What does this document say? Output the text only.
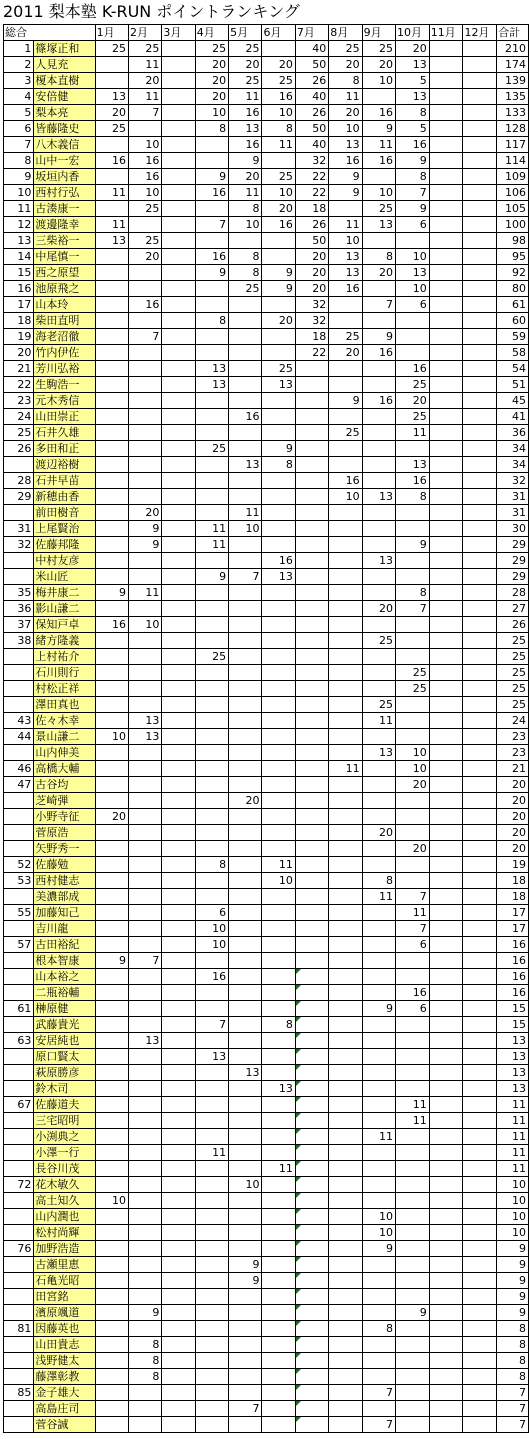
2011 梨本塾 K-RUN ポイントランキング
総合		1月	2月	3月	4月	5月	6月	7月	8月	9月	10月	11月	12月	合計
1	篠塚正和	25	25		25	25		40	25	25	20			210
2	人見充		11		20	20	20	50	20	20	13			174
3	榎本直樹		20		20	25	25	26	8	10	5			139
4	安倍健	13	11		20	11	16	40	11		13			135
5	梨本亮	20	7		10	16	10	26	20	16	8			133
6	皆藤隆史	25			8	13	8	50	10	9	5			128
7	八木義信		10			16	11	40	13	11	16			117
8	山中一宏	16	16			9		32	16	16	9			114
9	坂垣内香		16		9	20	25	22	9		8			109
10	西村行弘	11	10		16	11	10	22	9	10	7			106
11	古湊康一		25			8	20	18		25	9			105
12	渡邊隆幸	11			7	10	16	26	11	13	6			100
13	三柴裕一	13	25					50	10					98
14	中尾慎一		20		16	8		20	13	8	10			95
15	西之原望				9	8	9	20	13	20	13			92
16	池原飛之					25	9	20	16		10			80
17	山本玲		16					32		7	6			61
18	柴田直明				8		20	32						60
19	海老沼徹		7					18	25	9				59
20	竹内伊佐							22	20	16				58
21	芳川弘裕				13		25				16			54
22	生駒浩一				13		13				25			51
23	元木秀信								9	16	20			45
24	山田崇正					16					25			41
25	石井久雄								25		11			36
26	多田和正				25		9							34
	渡辺裕樹					13	8				13			34
28	石井早苗								16		16			32
29	新穂由香								10	13	8			31
	前田樹音		20			11								31
31	上尾賢治		9		11	10								30
32	佐藤邦隆		9		11						9			29
	中村友彦						16			13				29
	米山匠				9	7	13							29
35	梅井康二	9	11								8			28
36	影山謙二									20	7			27
37	保知戸卓	16	10											26
38	緒方隆義									25				25
	上村祐介				25									25
	石川則行										25			25
	村松正祥										25			25
	澤田真也									25				25
43	佐々木幸		13							11				24
44	景山謙二	10	13											23
	山内伸美									13	10			23
46	高橋大輔								11		10			21
47	古谷均										20			20
	芝崎弾					20								20
	小野寺征	20												20
	菅原浩									20				20
	矢野秀一										20			20
52	佐藤勉				8		11							19
53	西村健志						10			8				18
	美濃部成									11	7			18
55	加藤知己				6						11			17
	吉川龍				10						7			17
57	古田裕紀				10						6			16
	根本智康	9	7											16
	山本裕之				16									16
	二瓶裕輔										16			16
61	榊原健									9	6			15
	武藤貴光				7		8							15
63	安居純也		13											13
	原口賢太				13									13
	萩原勝彦					13								13
	鈴木司						13							13
67	佐藤道夫										11			11
	三宅昭明										11			11
	小渕典之									11				11
	小澤一行				11									11
	長谷川茂						11							11
72	花木敏久					10								10
	高土知久	10												10
	山内潤也									10				10
	松村尚輝									10				10
76	加野浩造									9				9
	古瀬里恵					9								9
	石亀光昭					9								9
	田宮銘													9
	濱原颯道		9								9			9
81	因藤英也									8				8
	山田貴志		8											8
	浅野健太		8											8
	藤澤彰教		8											8
85	金子雄大									7				7
	高島庄司					7								7
	菅谷誠									7				7
